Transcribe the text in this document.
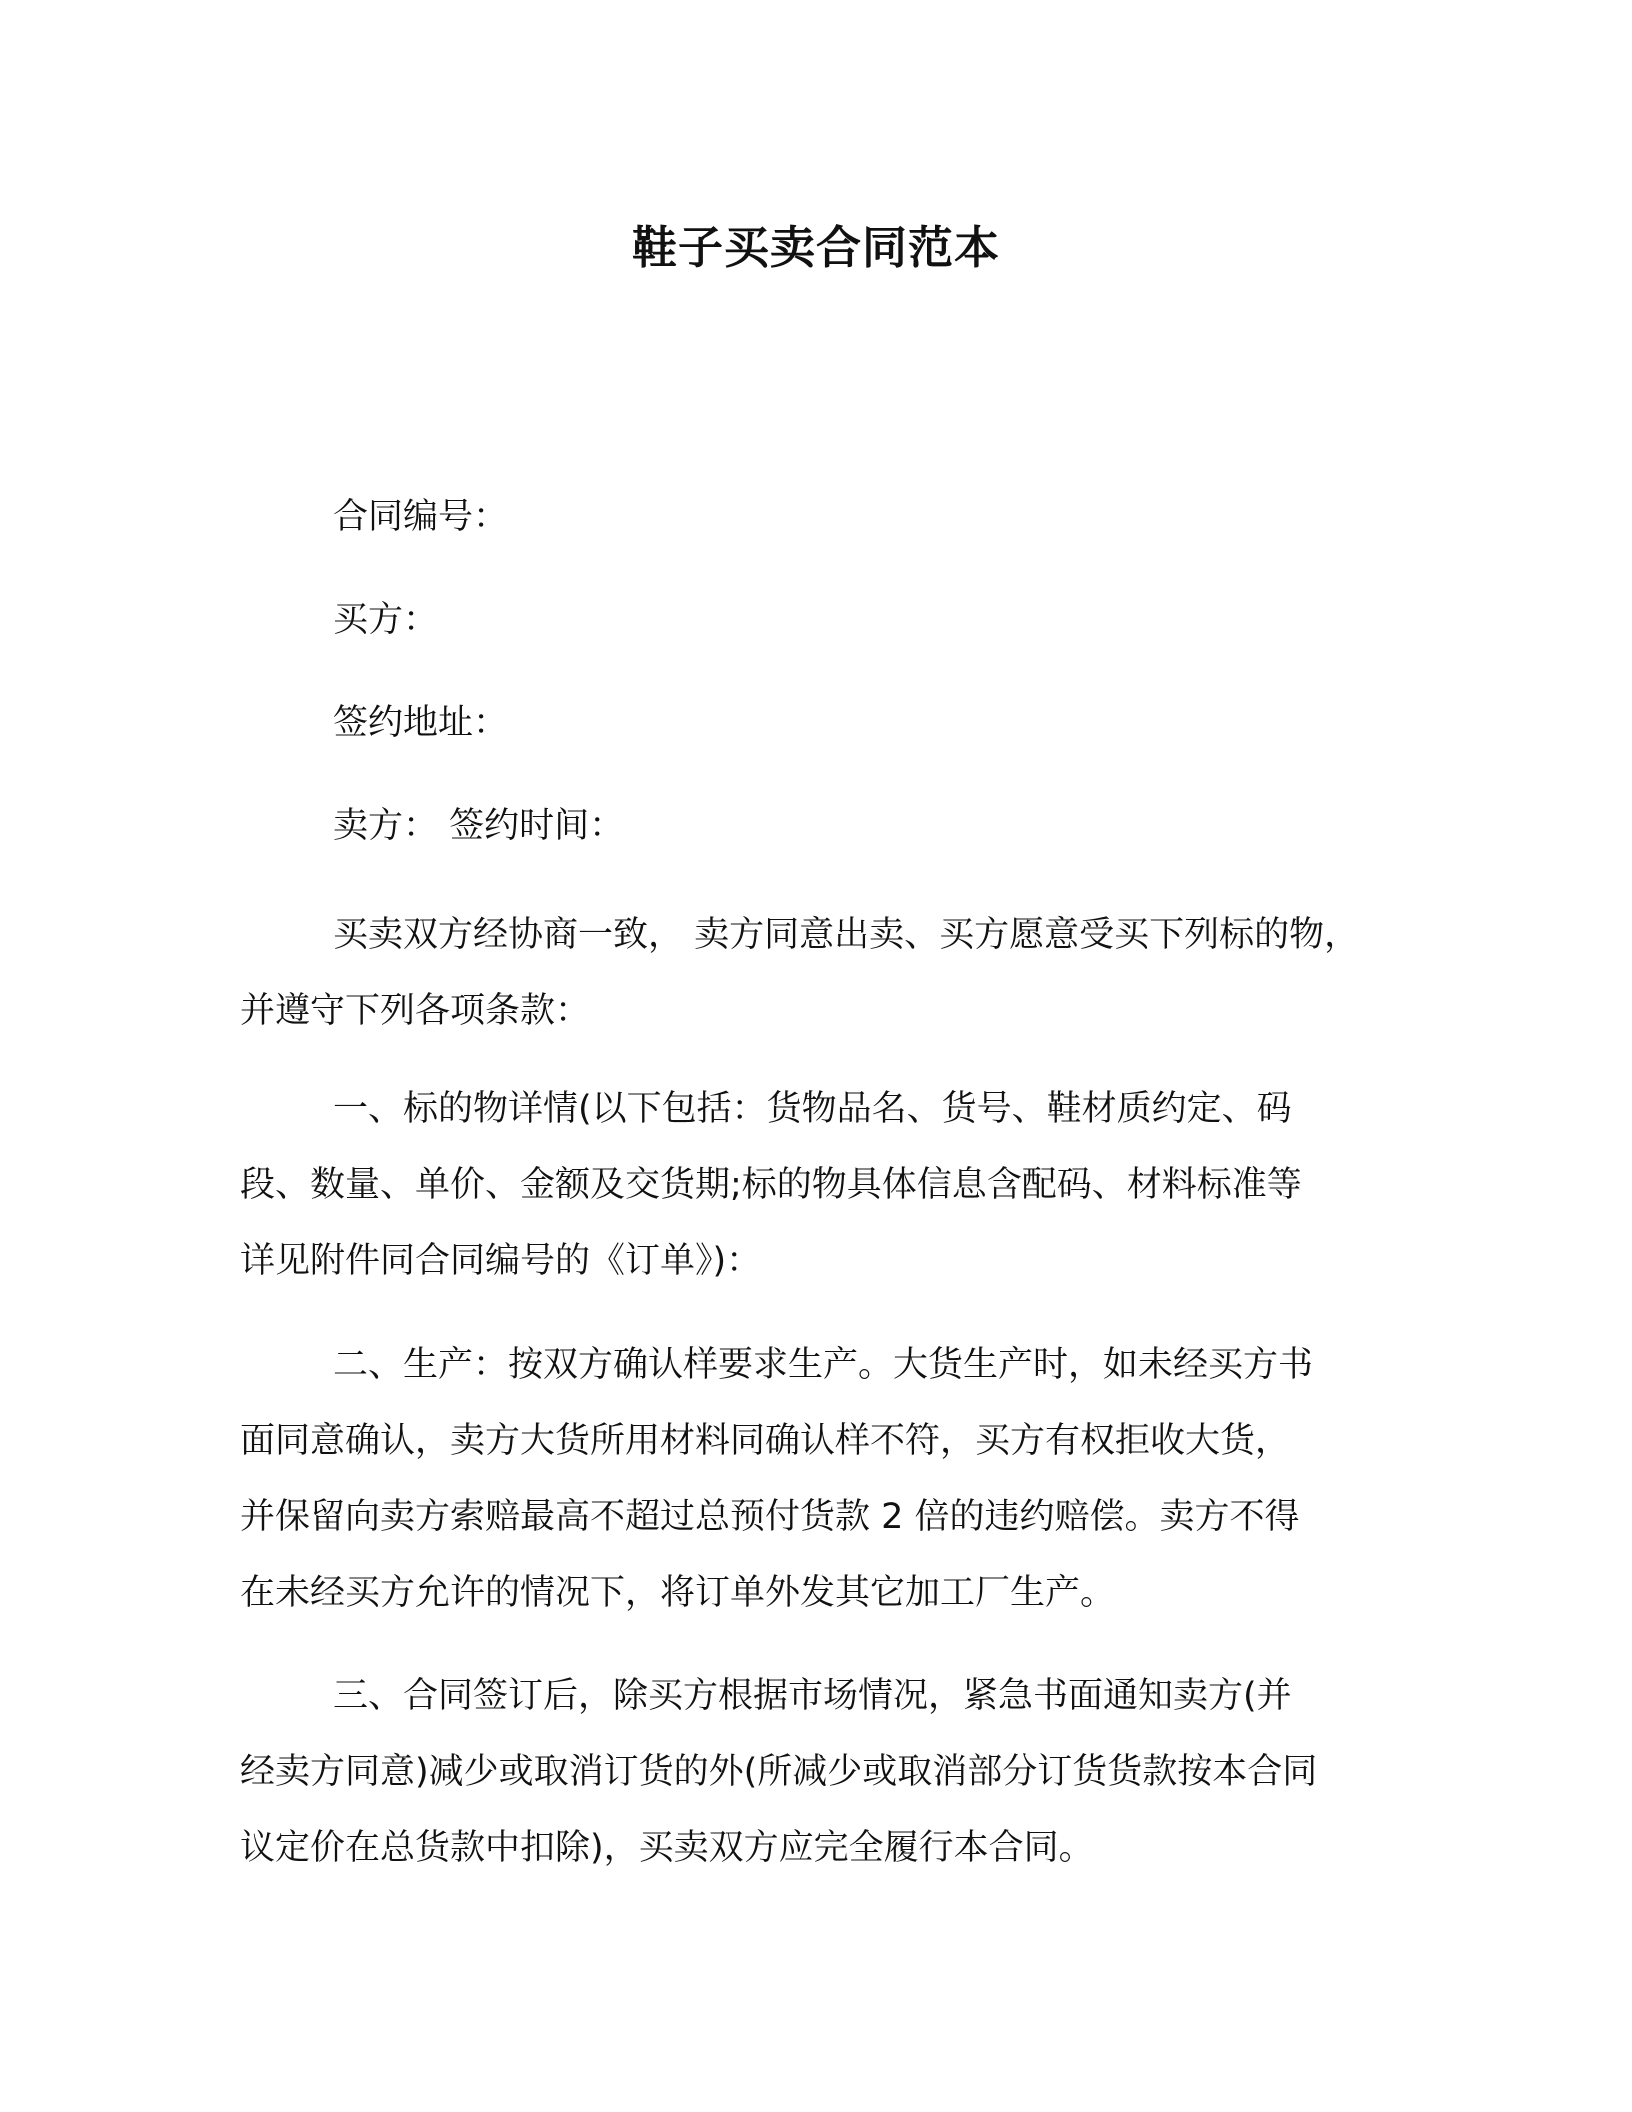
鞋子买卖合同范本

合同编号：

买方：

签约地址：

卖方： 签约时间：

买卖双方经协商一致， 卖方同意出卖、买方愿意受买下列标的物，
并遵守下列各项条款：
一、标的物详情(以下包括：货物品名、货号、鞋材质约定、码
段、数量、单价、金额及交货期;标的物具体信息含配码、材料标准等
详见附件同合同编号的《订单》)：
二、生产：按双方确认样要求生产。大货生产时，如未经买方书
面同意确认，卖方大货所用材料同确认样不符，买方有权拒收大货，
并保留向卖方索赔最高不超过总预付货款 2 倍的违约赔偿。卖方不得
在未经买方允许的情况下，将订单外发其它加工厂生产。
三、合同签订后，除买方根据市场情况，紧急书面通知卖方(并
经卖方同意)减少或取消订货的外(所减少或取消部分订货货款按本合同
议定价在总货款中扣除)，买卖双方应完全履行本合同。
